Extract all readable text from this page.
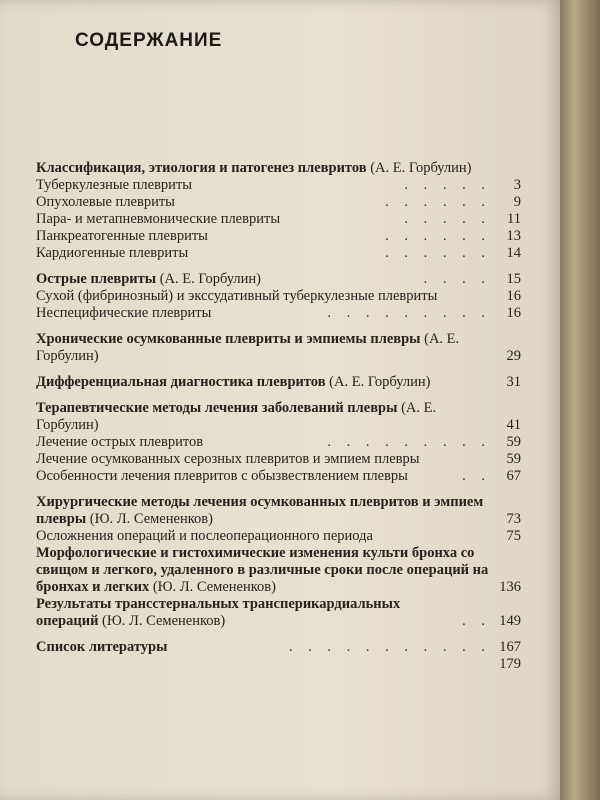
СОДЕРЖАНИЕ
Классификация, этиология и патогенез плевритов (А. Е. Горбулин)
Туберкулезные плевриты	. . . . .	3
Опухолевые плевриты	. . . . . .	9
Пара- и метапневмонические плевриты	. . . . .	11
Панкреатогенные плевриты	. . . . . .	13
Кардиогенные плевриты	. . . . . .	14
Острые плевриты (А. Е. Горбулин)	. . . .	15
Сухой (фибринозный) и экссудативный туберкулезные плевриты	16
Неспецифические плевриты	. . . . . . . . .	16
Хронические осумкованные плевриты и эмпиемы плевры (А. Е. Горбулин)	29
Дифференциальная диагностика плевритов (А. Е. Горбулин)	31
Терапевтические методы лечения заболеваний плевры (А. Е. Горбулин)	41
Лечение острых плевритов	. . . . . . . . .	59
Лечение осумкованных серозных плевритов и эмпием плевры	59
Особенности лечения плевритов с обызвествлением плевры	. .	67
Хирургические методы лечения осумкованных плевритов и эмпием плевры (Ю. Л. Семененков)	73
Осложнения операций и послеоперационного периода	75
Морфологические и гистохимические изменения культи бронха со свищом и легкого, удаленного в различные сроки после операций на бронхах и легких (Ю. Л. Семененков)	136
Результаты трансстернальных трансперикардиальных операций (Ю. Л. Семененков)	. . 149
Список литературы	. . . . . . . . . . . 167
179
